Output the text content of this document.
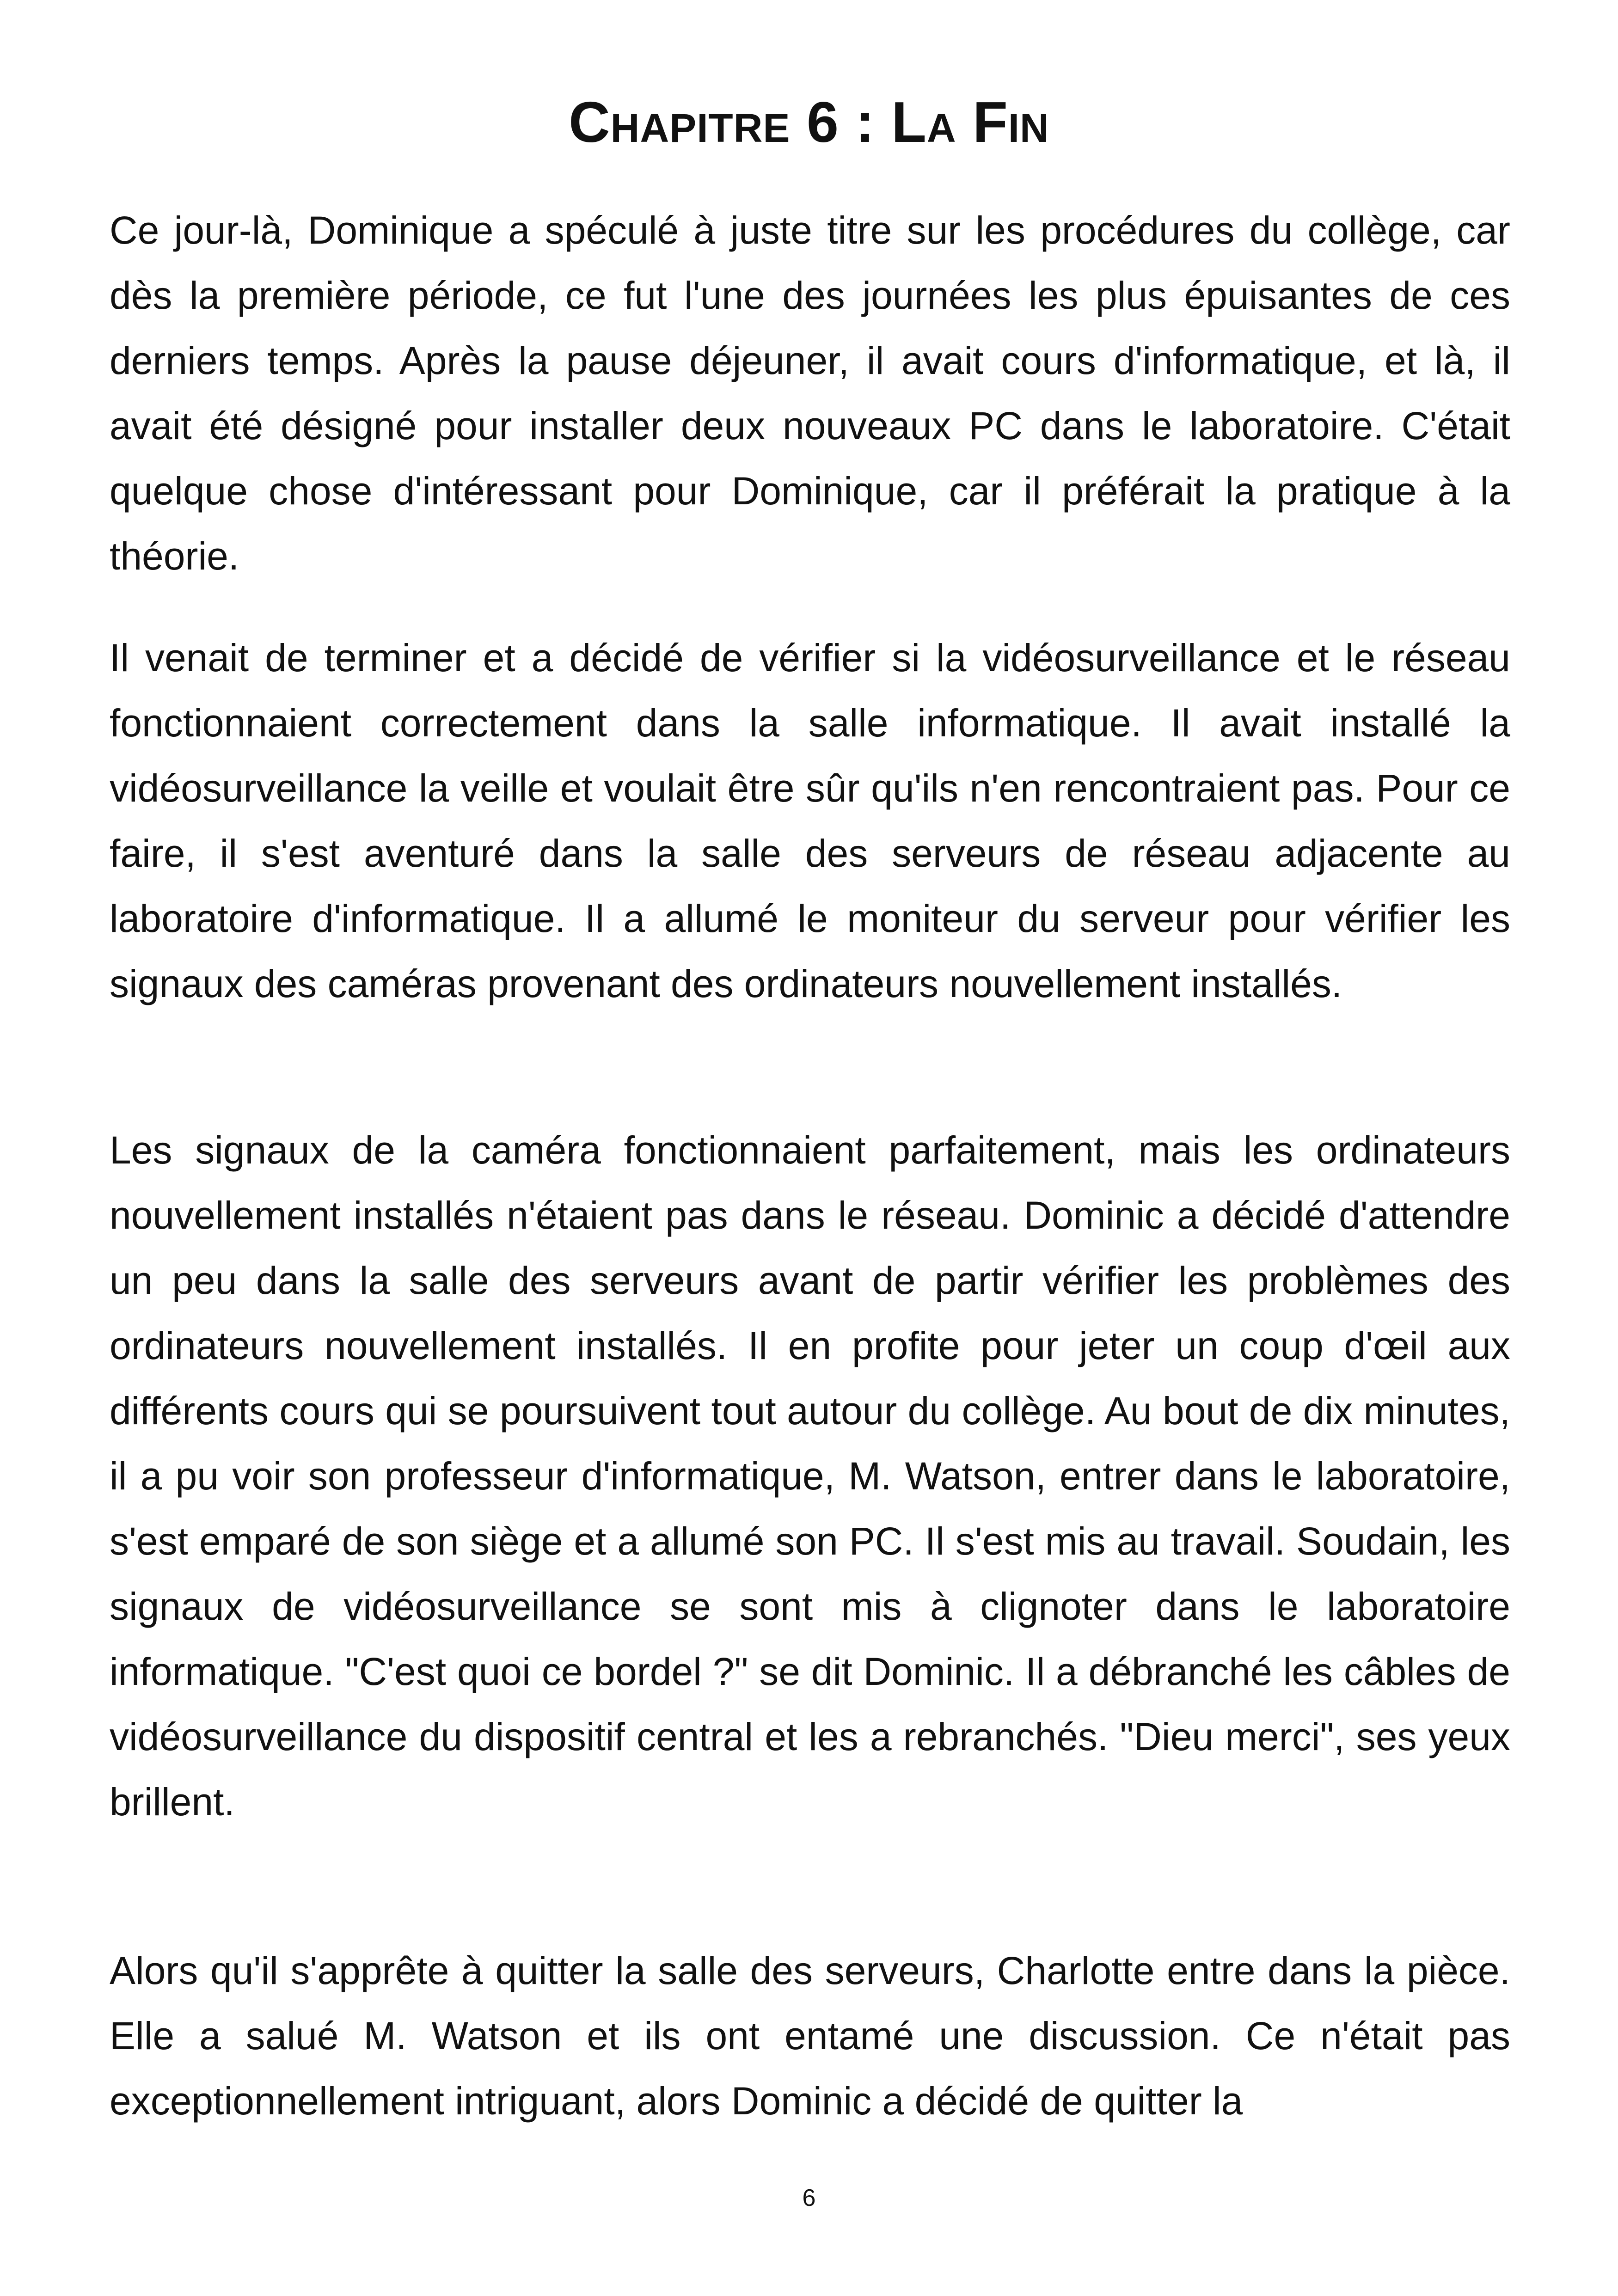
Chapitre 6 : La Fin

Ce jour-là, Dominique a spéculé à juste titre sur les procédures du collège, car dès la première période, ce fut l'une des journées les plus épuisantes de ces derniers temps. Après la pause déjeuner, il avait cours d'informatique, et là, il avait été désigné pour installer deux nouveaux PC dans le laboratoire. C'était quelque chose d'intéressant pour Dominique, car il préférait la pratique à la théorie.

Il venait de terminer et a décidé de vérifier si la vidéosurveillance et le réseau fonctionnaient correctement dans la salle informatique. Il avait installé la vidéosurveillance la veille et voulait être sûr qu'ils n'en rencontraient pas. Pour ce faire, il s'est aventuré dans la salle des serveurs de réseau adjacente au laboratoire d'informatique. Il a allumé le moniteur du serveur pour vérifier les signaux des caméras provenant des ordinateurs nouvellement installés.

Les signaux de la caméra fonctionnaient parfaitement, mais les ordinateurs nouvellement installés n'étaient pas dans le réseau. Dominic a décidé d'attendre un peu dans la salle des serveurs avant de partir vérifier les problèmes des ordinateurs nouvellement installés. Il en profite pour jeter un coup d'œil aux différents cours qui se poursuivent tout autour du collège. Au bout de dix minutes, il a pu voir son professeur d'informatique, M. Watson, entrer dans le laboratoire, s'est emparé de son siège et a allumé son PC. Il s'est mis au travail. Soudain, les signaux de vidéosurveillance se sont mis à clignoter dans le laboratoire informatique. "C'est quoi ce bordel ?" se dit Dominic. Il a débranché les câbles de vidéosurveillance du dispositif central et les a rebranchés. "Dieu merci", ses yeux brillent.

Alors qu'il s'apprête à quitter la salle des serveurs, Charlotte entre dans la pièce. Elle a salué M. Watson et ils ont entamé une discussion. Ce n'était pas exceptionnellement intriguant, alors Dominic a décidé de quitter la

6
